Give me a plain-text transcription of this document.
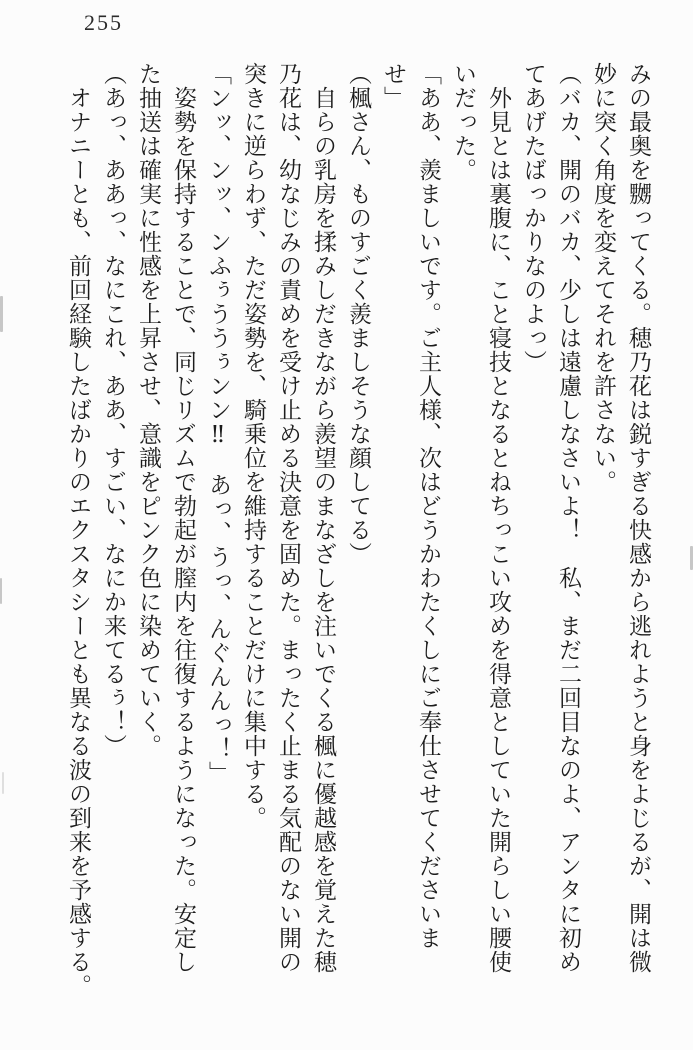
255
みの最奥を嬲ってくる。穂乃花は鋭すぎる快感から逃れようと身をよじるが、開は微
妙に突く角度を変えてそれを許さない。
（バカ、開のバカ、少しは遠慮しなさいよ！　私、まだ二回目なのよ、アンタに初め
てあげたばっかりなのよっ）
　外見とは裏腹に、こと寝技となるとねちっこい攻めを得意としていた開らしい腰使
いだった。
「ああ、羨ましいです。ご主人様、次はどうかわたくしにご奉仕させてくださいま
せ」
（楓さん、ものすごく羨ましそうな顔してる）
　自らの乳房を揉みしだきながら羨望のまなざしを注いでくる楓に優越感を覚えた穂
乃花は、幼なじみの責めを受け止める決意を固めた。まったく止まる気配のない開の
突きに逆らわず、ただ姿勢を、騎乗位を維持することだけに集中する。
「ンッ、ンッ、ンふぅううぅンン‼　あっ、うっ、んぐんんっ！」
　姿勢を保持することで、同じリズムで勃起が膣内を往復するようになった。安定し
た抽送は確実に性感を上昇させ、意識をピンク色に染めていく。
（あっ、ああっ、なにこれ、ああ、すごい、なにか来てるぅ！）
　オナニーとも、前回経験したばかりのエクスタシーとも異なる波の到来を予感する。
